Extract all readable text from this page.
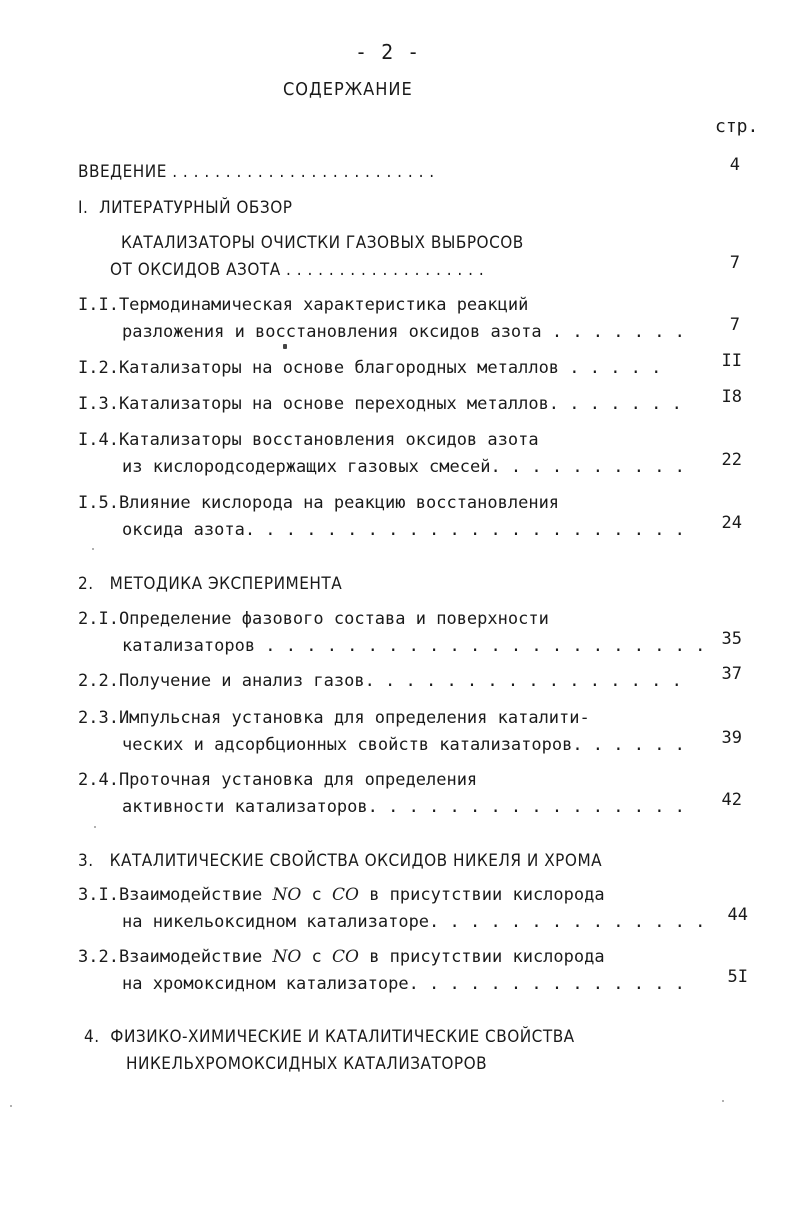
- 2 -
СОДЕРЖАНИЕ
стр.
ВВЕДЕНИЕ . . . . . . . . . . . . . . . . . . . . . . . . .	4
I.  ЛИТЕРАТУРНЫЙ ОБЗОР
КАТАЛИЗАТОРЫ ОЧИСТКИ ГАЗОВЫХ ВЫБРОСОВ
ОТ ОКСИДОВ АЗОТА . . . . . . . . . . . . . . . . . . .	7
I.I.Термодинамическая характеристика реакций
разложения и восстановления оксидов азота . . . . . . .	7
I.2.Катализаторы на основе благородных металлов . . . . .	II
I.3.Катализаторы на основе переходных металлов. . . . . . .	I8
I.4.Катализаторы восстановления оксидов азота
из кислородсодержащих газовых смесей. . . . . . . . . .	22
I.5.Влияние кислорода на реакцию восстановления
оксида азота. . . . . . . . . . . . . . . . . . . . . .	24
2.   МЕТОДИКА ЭКСПЕРИМЕНТА
2.I.Определение фазового состава и поверхности
катализаторов . . . . . . . . . . . . . . . . . . . . . . 35
2.2.Получение и анализ газов. . . . . . . . . . . . . . . .	37
2.3.Импульсная установка для определения каталити-
ческих и адсорбционных свойств катализаторов. . . . . .	39
2.4.Проточная установка для определения
активности катализаторов. . . . . . . . . . . . . . . .	42
3.   КАТАЛИТИЧЕСКИЕ СВОЙСТВА ОКСИДОВ НИКЕЛЯ И ХРОМА
3.I.Взаимодействие NO с CO в присутствии кислорода
на никельоксидном катализаторе. . . . . . . . . . . . . .	44
3.2.Взаимодействие NO с CO в присутствии кислорода
на хромоксидном катализаторе. . . . . . . . . . . . . .	5I
4.  ФИЗИКО-ХИМИЧЕСКИЕ И КАТАЛИТИЧЕСКИЕ СВОЙСТВА
НИКЕЛЬХРОМОКСИДНЫХ КАТАЛИЗАТОРОВ
